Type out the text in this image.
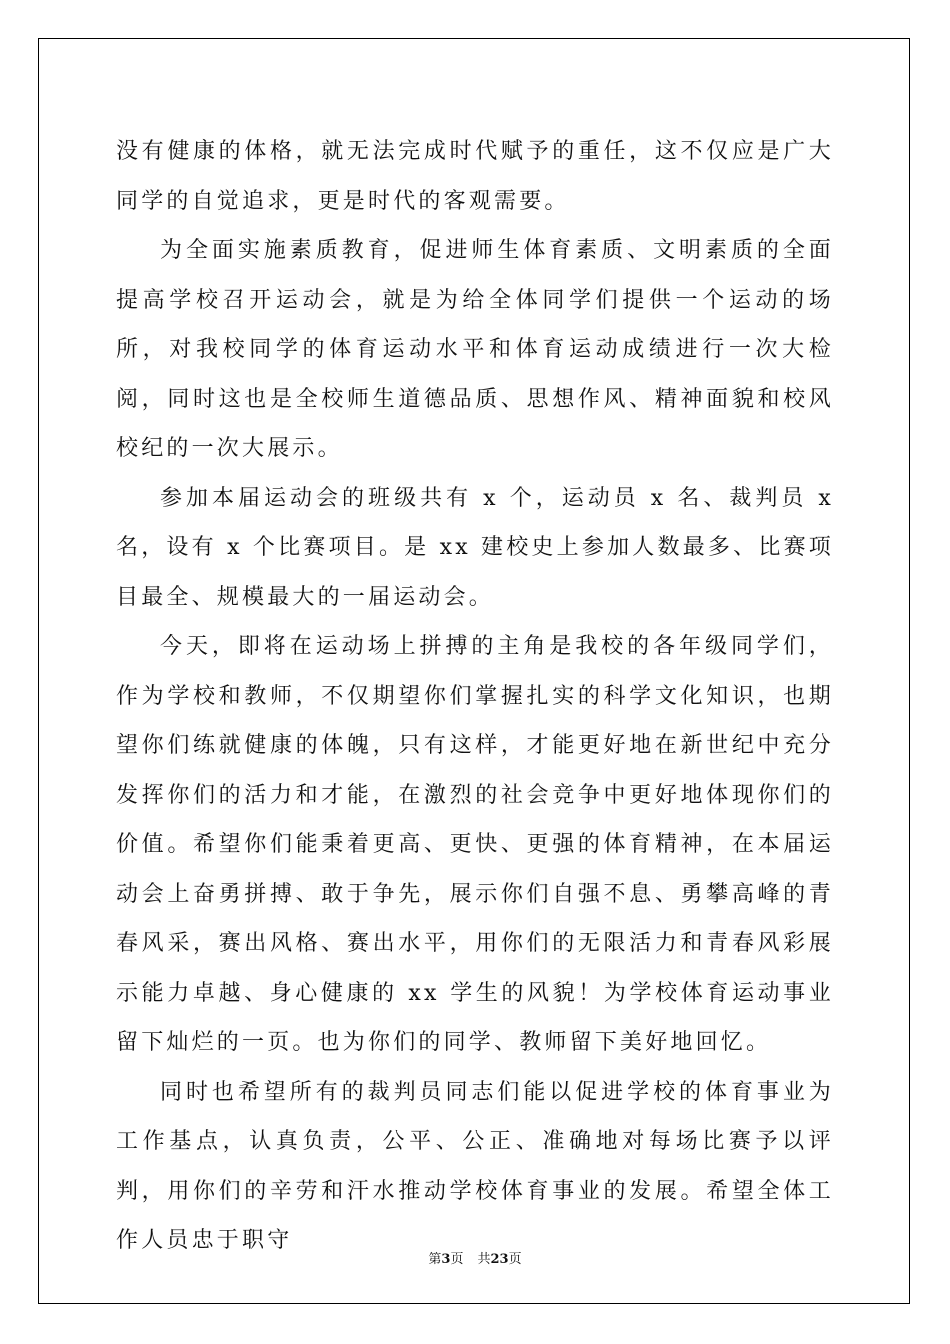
没有健康的体格，就无法完成时代赋予的重任，这不仅应是广大同学的自觉追求，更是时代的客观需要。

为全面实施素质教育，促进师生体育素质、文明素质的全面提高学校召开运动会，就是为给全体同学们提供一个运动的场所，对我校同学的体育运动水平和体育运动成绩进行一次大检阅，同时这也是全校师生道德品质、思想作风、精神面貌和校风校纪的一次大展示。

参加本届运动会的班级共有 x 个，运动员 x 名、裁判员 x 名，设有 x 个比赛项目。是 xx 建校史上参加人数最多、比赛项目最全、规模最大的一届运动会。

今天，即将在运动场上拼搏的主角是我校的各年级同学们，作为学校和教师，不仅期望你们掌握扎实的科学文化知识，也期望你们练就健康的体魄，只有这样，才能更好地在新世纪中充分发挥你们的活力和才能，在激烈的社会竞争中更好地体现你们的价值。希望你们能秉着更高、更快、更强的体育精神，在本届运动会上奋勇拼搏、敢于争先，展示你们自强不息、勇攀高峰的青春风采，赛出风格、赛出水平，用你们的无限活力和青春风彩展示能力卓越、身心健康的 xx 学生的风貌！为学校体育运动事业留下灿烂的一页。也为你们的同学、教师留下美好地回忆。

同时也希望所有的裁判员同志们能以促进学校的体育事业为工作基点，认真负责，公平、公正、准确地对每场比赛予以评判，用你们的辛劳和汗水推动学校体育事业的发展。希望全体工作人员忠于职守

第3页 共23页
